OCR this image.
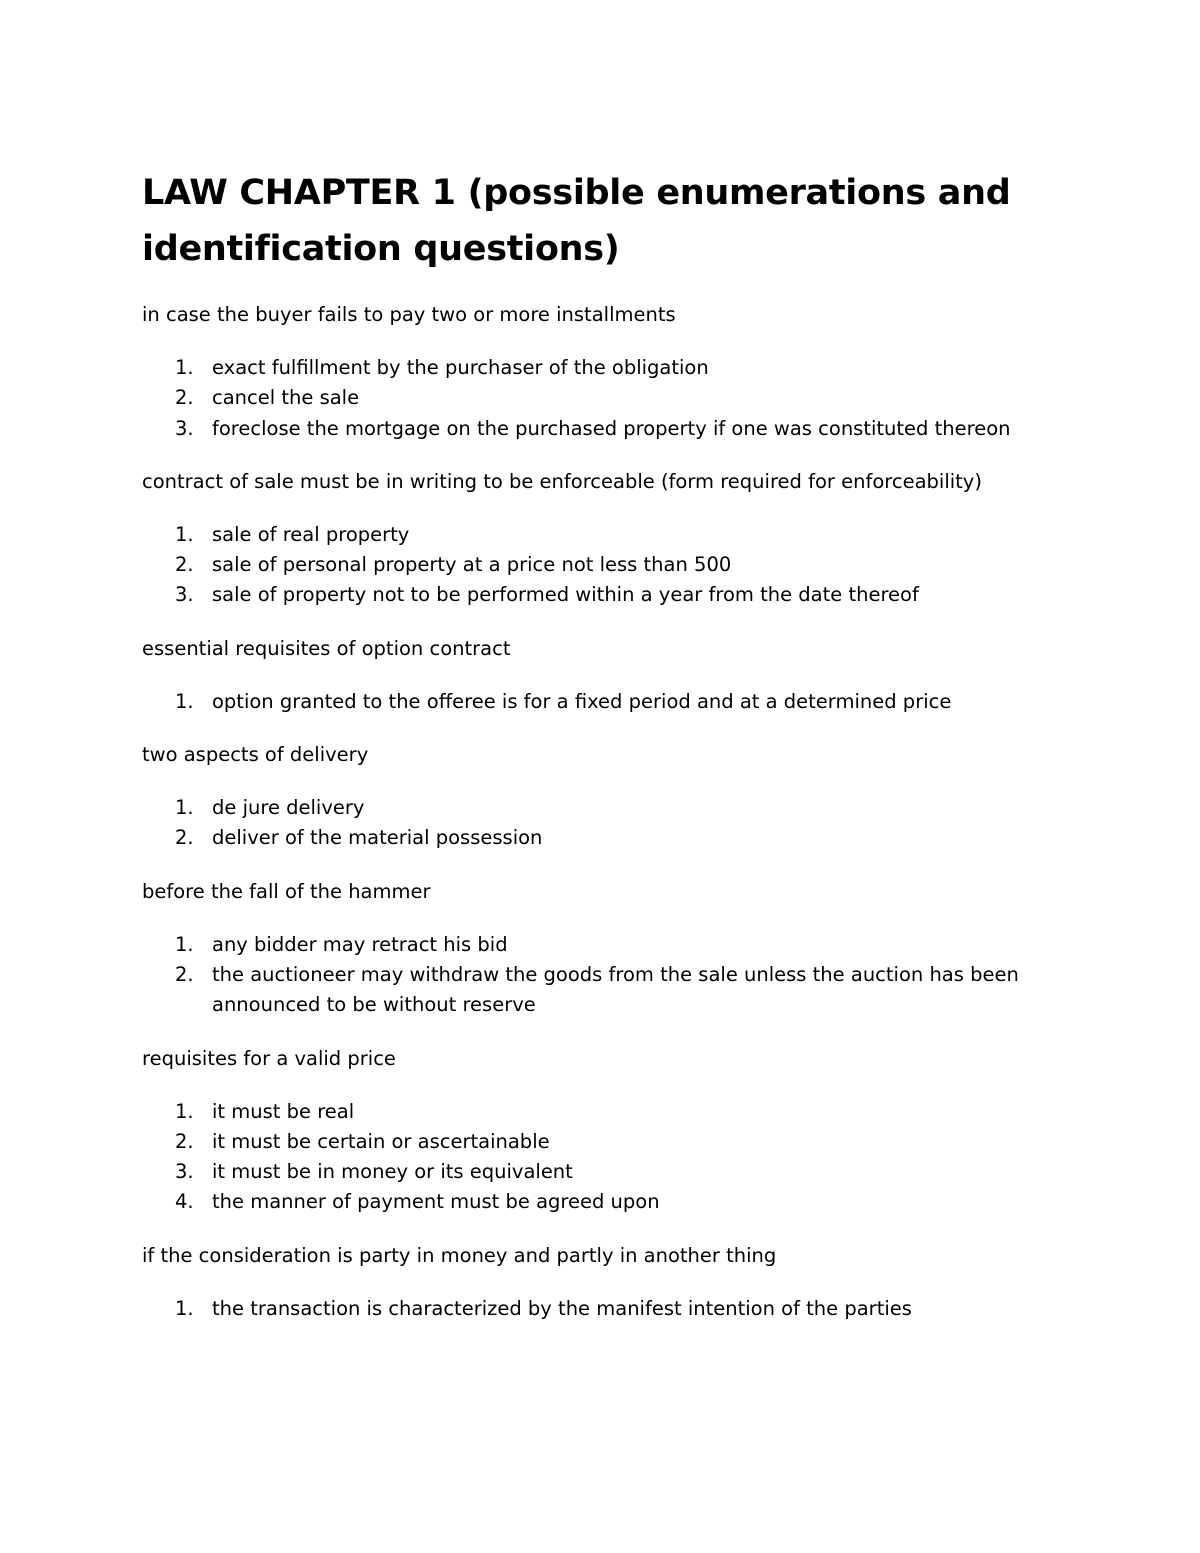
LAW CHAPTER 1 (possible enumerations and identification questions)

in case the buyer fails to pay two or more installments

1. exact fulfillment by the purchaser of the obligation
2. cancel the sale
3. foreclose the mortgage on the purchased property if one was constituted thereon

contract of sale must be in writing to be enforceable (form required for enforceability)

1. sale of real property
2. sale of personal property at a price not less than 500
3. sale of property not to be performed within a year from the date thereof

essential requisites of option contract

1. option granted to the offeree is for a fixed period and at a determined price

two aspects of delivery

1. de jure delivery
2. deliver of the material possession

before the fall of the hammer

1. any bidder may retract his bid
2. the auctioneer may withdraw the goods from the sale unless the auction has been announced to be without reserve

requisites for a valid price

1. it must be real
2. it must be certain or ascertainable
3. it must be in money or its equivalent
4. the manner of payment must be agreed upon

if the consideration is party in money and partly in another thing

1. the transaction is characterized by the manifest intention of the parties
